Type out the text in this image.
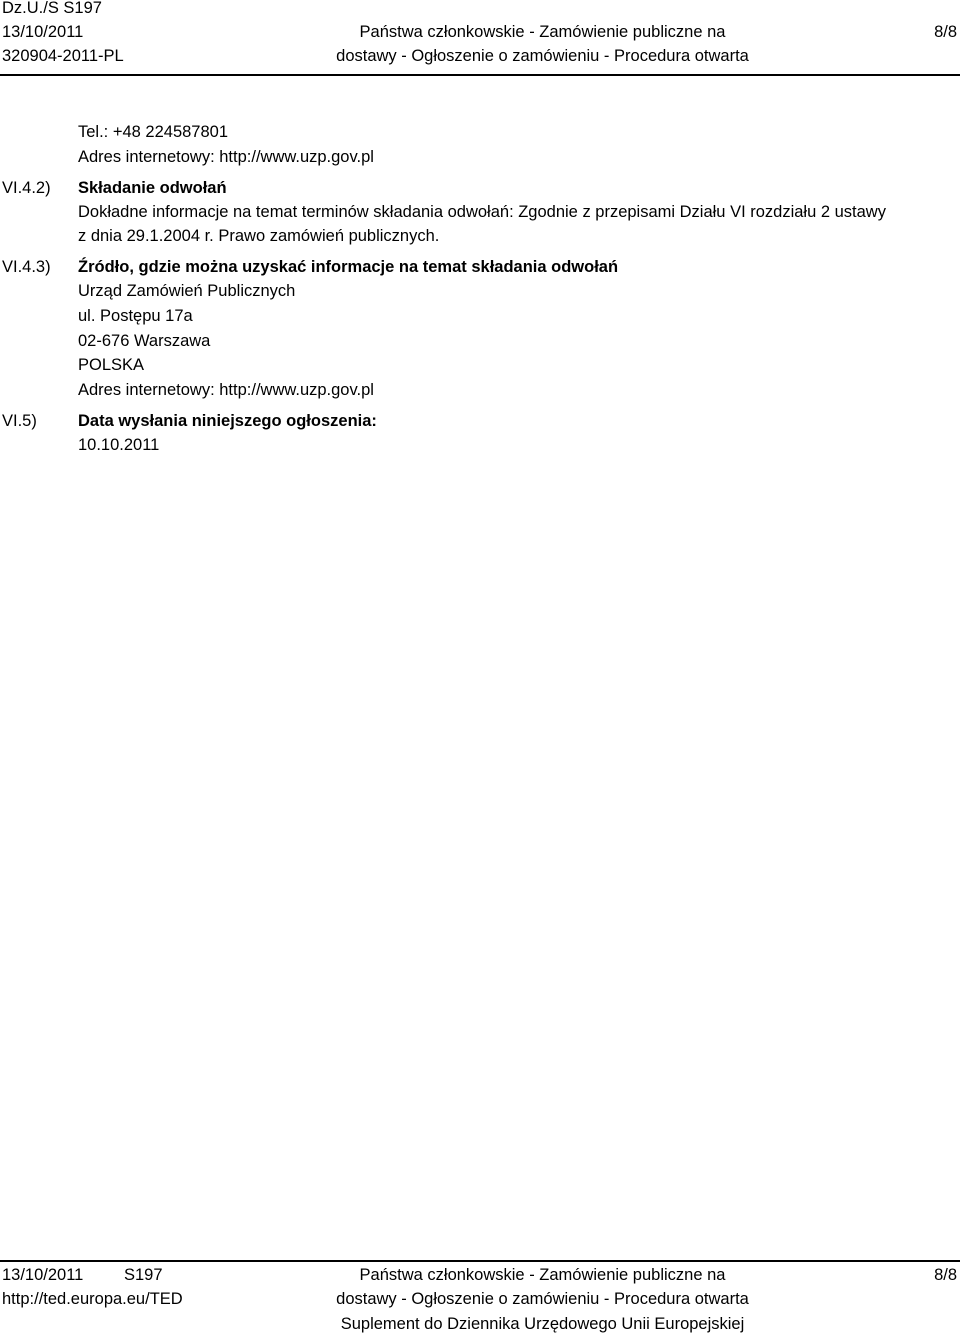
Dz.U./S S197
13/10/2011
320904-2011-PL
Państwa członkowskie - Zamówienie publiczne na
dostawy - Ogłoszenie o zamówieniu - Procedura otwarta
8/8
Tel.: +48 224587801
Adres internetowy: http://www.uzp.gov.pl
VI.4.2) Składanie odwołań
Dokładne informacje na temat terminów składania odwołań: Zgodnie z przepisami Działu VI rozdziału 2 ustawy
z dnia 29.1.2004 r. Prawo zamówień publicznych.
VI.4.3) Źródło, gdzie można uzyskać informacje na temat składania odwołań
Urząd Zamówień Publicznych
ul. Postępu 17a
02-676 Warszawa
POLSKA
Adres internetowy: http://www.uzp.gov.pl
VI.5) Data wysłania niniejszego ogłoszenia:
10.10.2011
13/10/2011 S197
http://ted.europa.eu/TED
Państwa członkowskie - Zamówienie publiczne na
dostawy - Ogłoszenie o zamówieniu - Procedura otwarta
Suplement do Dziennika Urzędowego Unii Europejskiej
8/8
